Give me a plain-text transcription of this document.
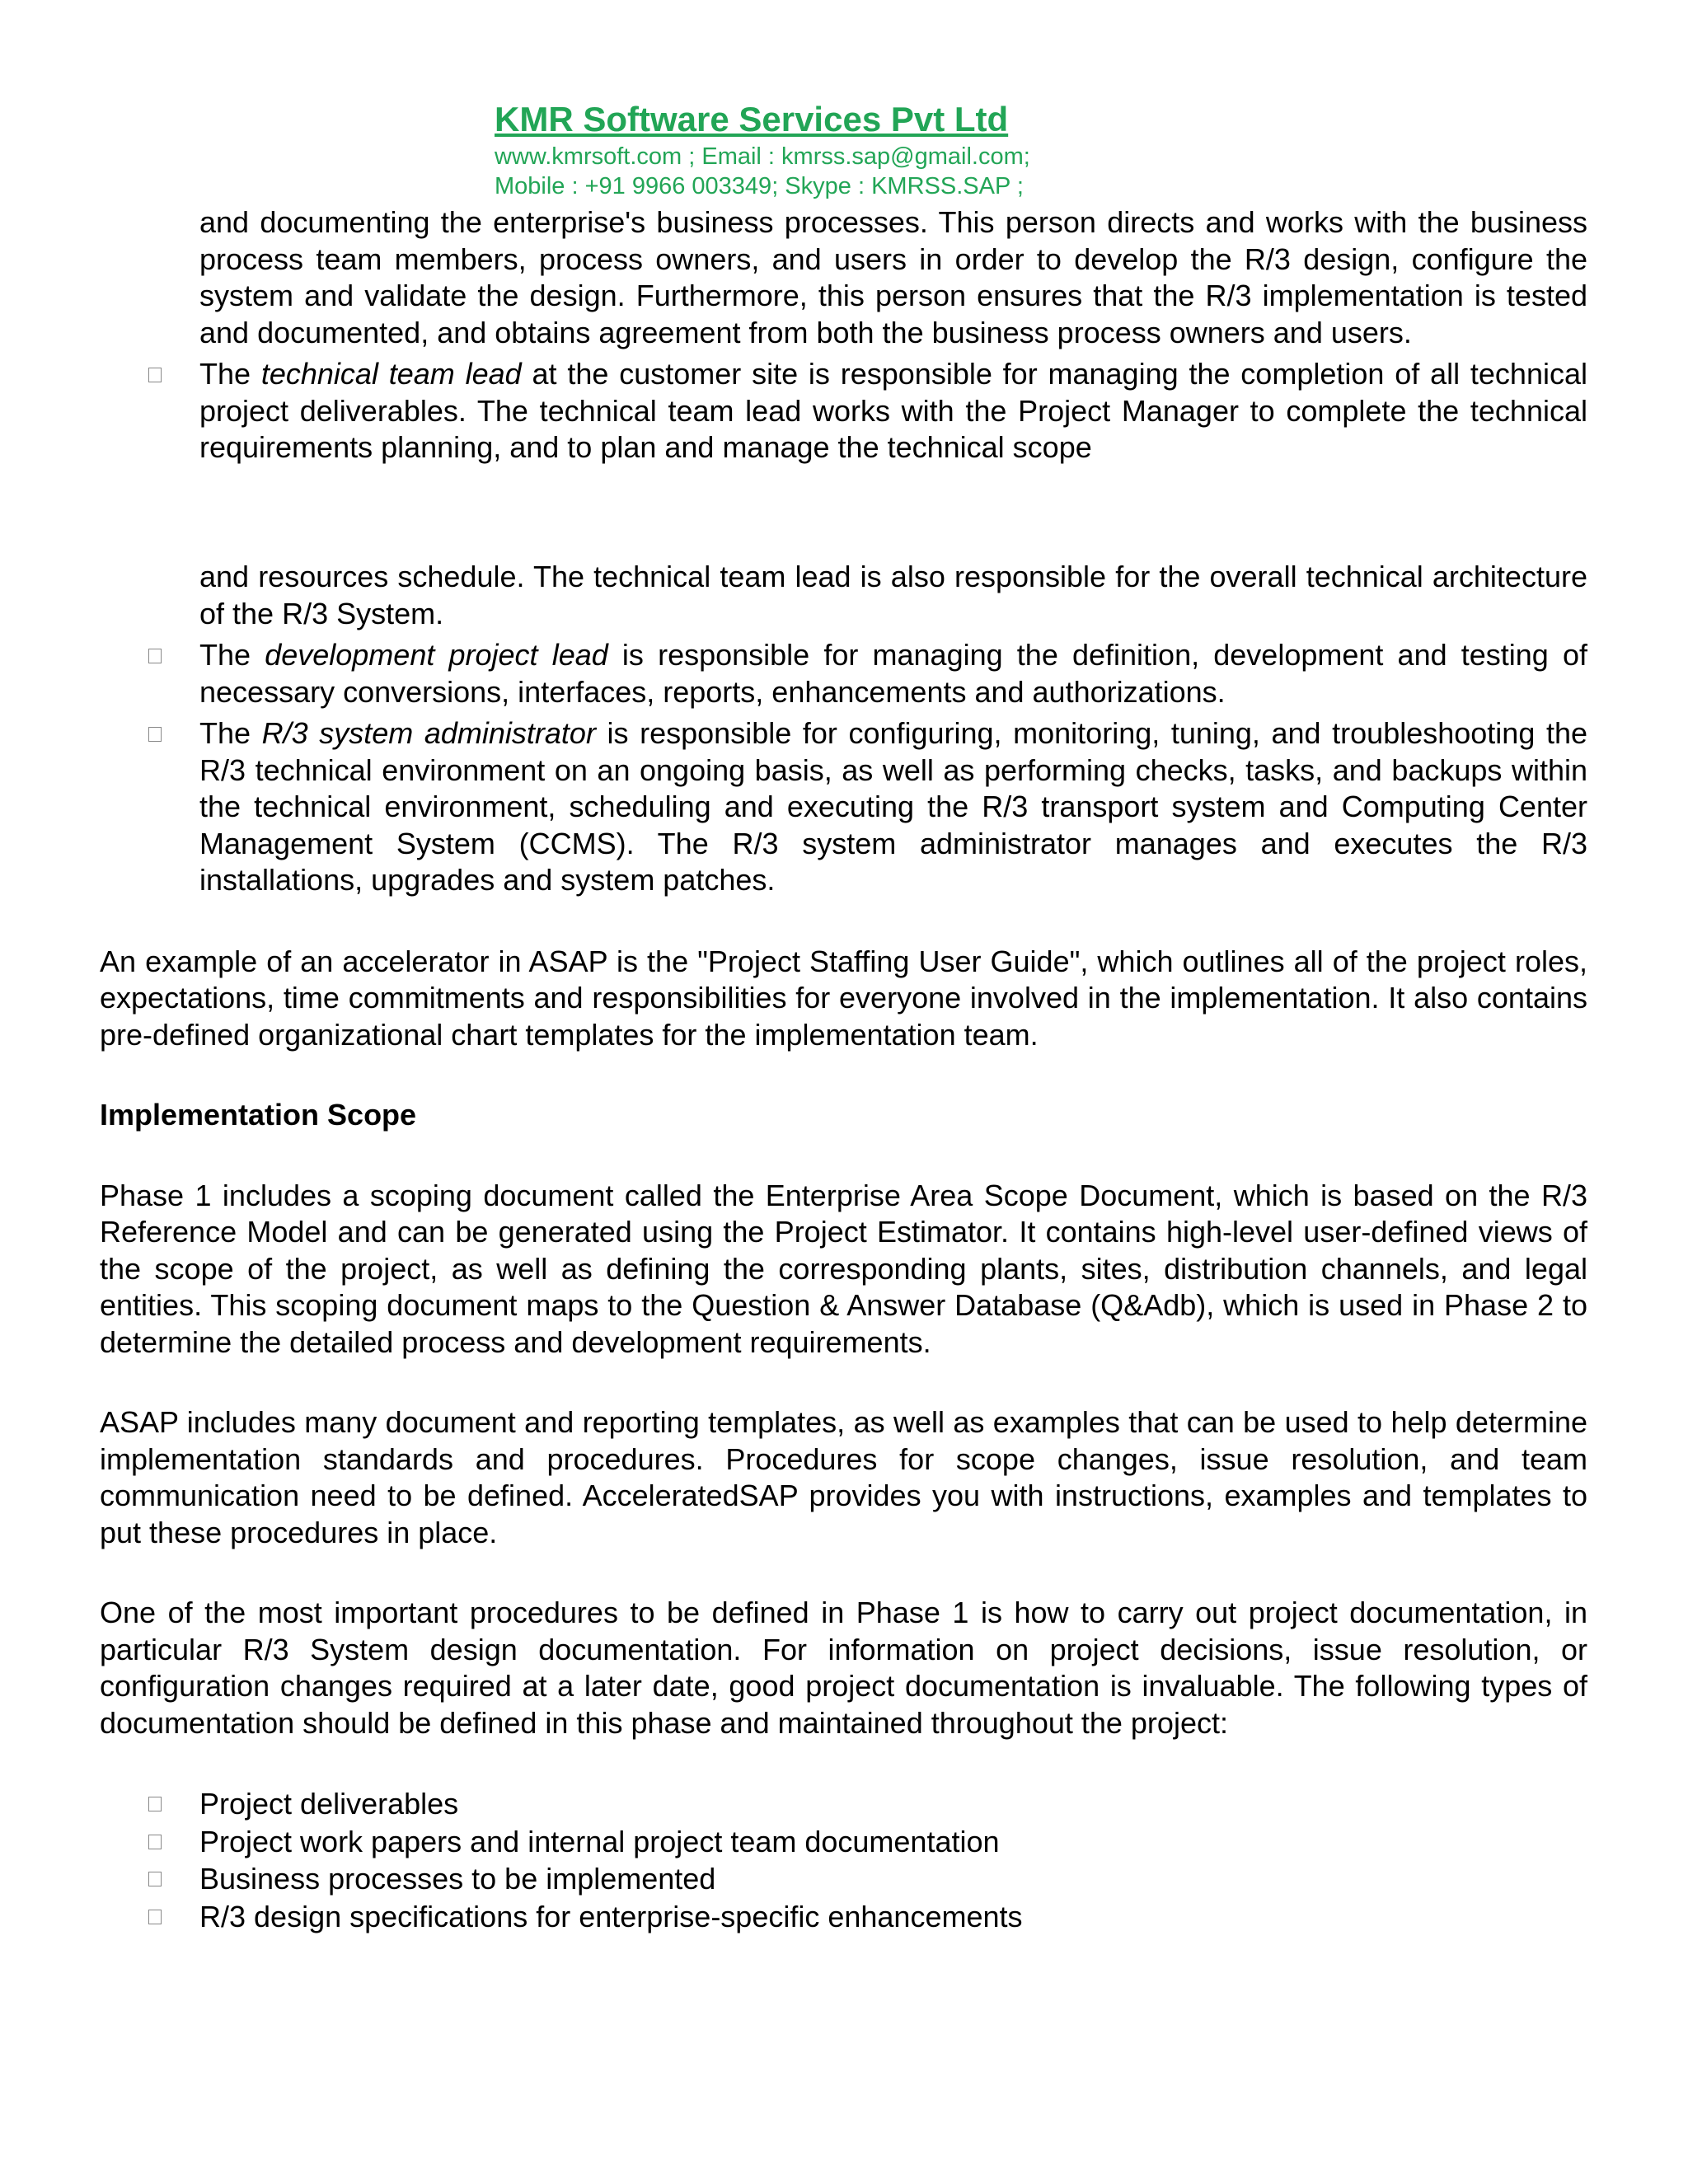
KMR Software Services Pvt Ltd
www.kmrsoft.com ; Email : kmrss.sap@gmail.com;
Mobile : +91 9966 003349; Skype : KMRSS.SAP ;

and documenting the enterprise's business processes. This person directs and works with the business process team members, process owners, and users in order to develop the R/3 design, configure the system and validate the design. Furthermore, this person ensures that the R/3 implementation is tested and documented, and obtains agreement from both the business process owners and users.

The technical team lead at the customer site is responsible for managing the completion of all technical project deliverables. The technical team lead works with the Project Manager to complete the technical requirements planning, and to plan and manage the technical scope

and resources schedule. The technical team lead is also responsible for the overall technical architecture of the R/3 System.

The development project lead is responsible for managing the definition, development and testing of necessary conversions, interfaces, reports, enhancements and authorizations.

The R/3 system administrator is responsible for configuring, monitoring, tuning, and troubleshooting the R/3 technical environment on an ongoing basis, as well as performing checks, tasks, and backups within the technical environment, scheduling and executing the R/3 transport system and Computing Center Management System (CCMS). The R/3 system administrator manages and executes the R/3 installations, upgrades and system patches.

An example of an accelerator in ASAP is the "Project Staffing User Guide", which outlines all of the project roles, expectations, time commitments and responsibilities for everyone involved in the implementation. It also contains pre-defined organizational chart templates for the implementation team.

Implementation Scope

Phase 1 includes a scoping document called the Enterprise Area Scope Document, which is based on the R/3 Reference Model and can be generated using the Project Estimator. It contains high-level user-defined views of the scope of the project, as well as defining the corresponding plants, sites, distribution channels, and legal entities. This scoping document maps to the Question & Answer Database (Q&Adb), which is used in Phase 2 to determine the detailed process and development requirements.

ASAP includes many document and reporting templates, as well as examples that can be used to help determine implementation standards and procedures. Procedures for scope changes, issue resolution, and team communication need to be defined. AcceleratedSAP provides you with instructions, examples and templates to put these procedures in place.

One of the most important procedures to be defined in Phase 1 is how to carry out project documentation, in particular R/3 System design documentation. For information on project decisions, issue resolution, or configuration changes required at a later date, good project documentation is invaluable. The following types of documentation should be defined in this phase and maintained throughout the project:

Project deliverables

Project work papers and internal project team documentation

Business processes to be implemented

R/3 design specifications for enterprise-specific enhancements
